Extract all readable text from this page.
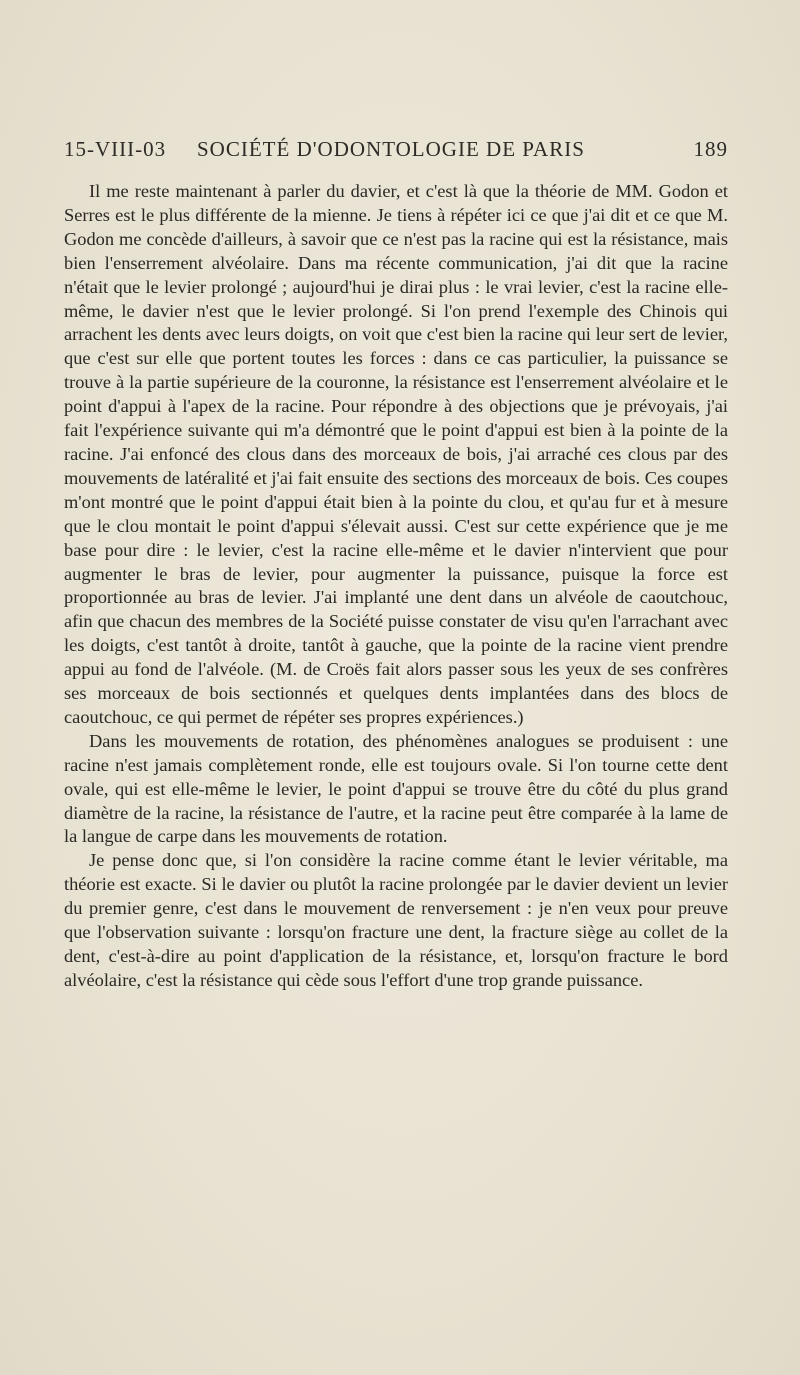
15-VIII-03 SOCIÉTÉ D'ODONTOLOGIE DE PARIS	189

Il me reste maintenant à parler du davier, et c'est là que la théorie de MM. Godon et Serres est le plus différente de la mienne. Je tiens à répéter ici ce que j'ai dit et ce que M. Godon me concède d'ailleurs, à savoir que ce n'est pas la racine qui est la résistance, mais bien l'enserrement alvéolaire. Dans ma récente communication, j'ai dit que la racine n'était que le levier prolongé ; aujourd'hui je dirai plus : le vrai levier, c'est la racine elle-même, le davier n'est que le levier prolongé. Si l'on prend l'exemple des Chinois qui arrachent les dents avec leurs doigts, on voit que c'est bien la racine qui leur sert de levier, que c'est sur elle que portent toutes les forces : dans ce cas particulier, la puissance se trouve à la partie supérieure de la couronne, la résistance est l'enserrement alvéolaire et le point d'appui à l'apex de la racine. Pour répondre à des objections que je prévoyais, j'ai fait l'expérience suivante qui m'a démontré que le point d'appui est bien à la pointe de la racine. J'ai enfoncé des clous dans des morceaux de bois, j'ai arraché ces clous par des mouvements de latéralité et j'ai fait ensuite des sections des morceaux de bois. Ces coupes m'ont montré que le point d'appui était bien à la pointe du clou, et qu'au fur et à mesure que le clou montait le point d'appui s'élevait aussi. C'est sur cette expérience que je me base pour dire : le levier, c'est la racine elle-même et le davier n'intervient que pour augmenter le bras de levier, pour augmenter la puissance, puisque la force est proportionnée au bras de levier. J'ai implanté une dent dans un alvéole de caoutchouc, afin que chacun des membres de la Société puisse constater de visu qu'en l'arrachant avec les doigts, c'est tantôt à droite, tantôt à gauche, que la pointe de la racine vient prendre appui au fond de l'alvéole. (M. de Croës fait alors passer sous les yeux de ses confrères ses morceaux de bois sectionnés et quelques dents implantées dans des blocs de caoutchouc, ce qui permet de répéter ses propres expériences.)

Dans les mouvements de rotation, des phénomènes analogues se produisent : une racine n'est jamais complètement ronde, elle est toujours ovale. Si l'on tourne cette dent ovale, qui est elle-même le levier, le point d'appui se trouve être du côté du plus grand diamètre de la racine, la résistance de l'autre, et la racine peut être comparée à la lame de la langue de carpe dans les mouvements de rotation.

Je pense donc que, si l'on considère la racine comme étant le levier véritable, ma théorie est exacte. Si le davier ou plutôt la racine prolongée par le davier devient un levier du premier genre, c'est dans le mouvement de renversement : je n'en veux pour preuve que l'observation suivante : lorsqu'on fracture une dent, la fracture siège au collet de la dent, c'est-à-dire au point d'application de la résistance, et, lorsqu'on fracture le bord alvéolaire, c'est la résistance qui cède sous l'effort d'une trop grande puissance.
